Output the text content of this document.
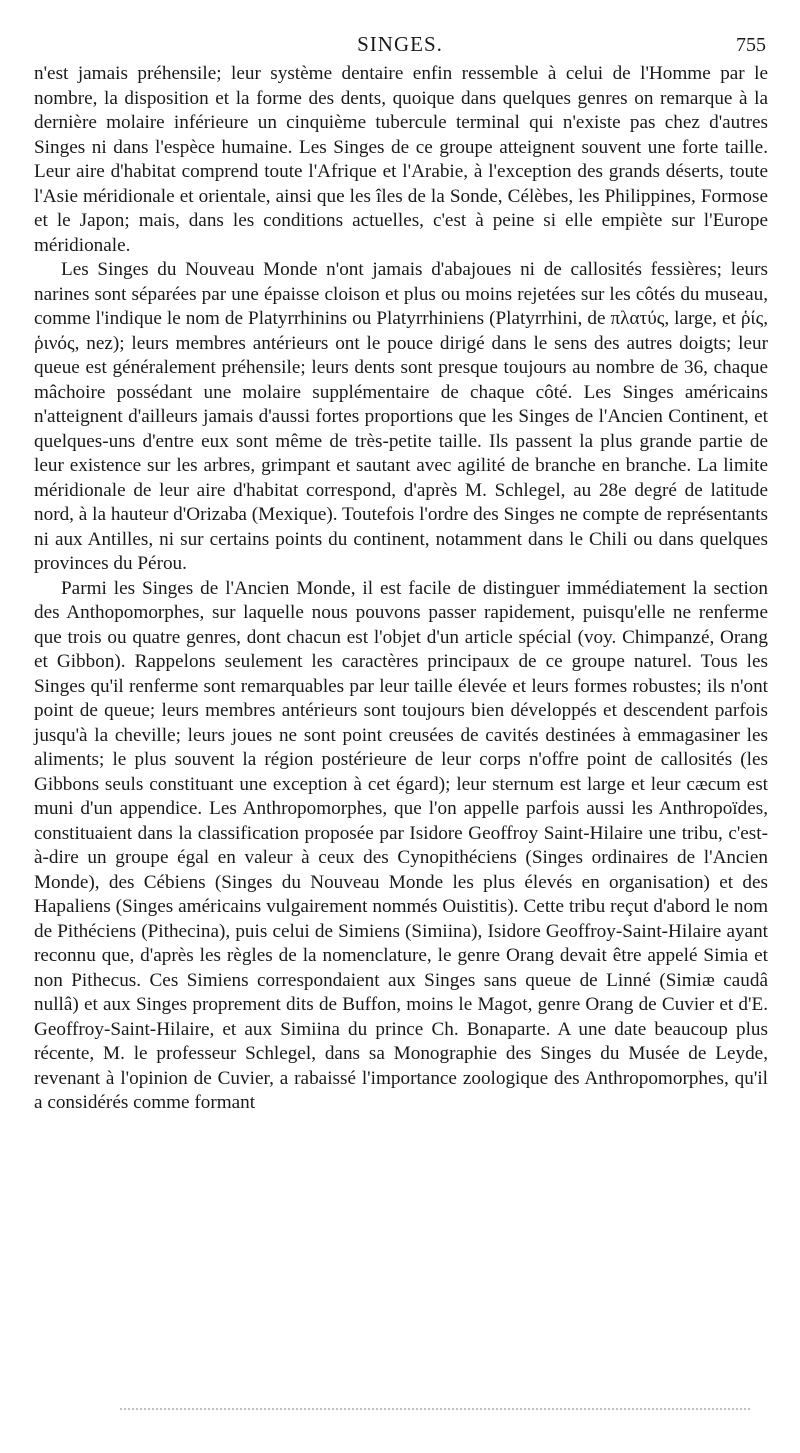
SINGES.	755

n'est jamais préhensile; leur système dentaire enfin ressemble à celui de l'Homme par le nombre, la disposition et la forme des dents, quoique dans quelques genres on remarque à la dernière molaire inférieure un cinquième tubercule terminal qui n'existe pas chez d'autres Singes ni dans l'espèce humaine. Les Singes de ce groupe atteignent souvent une forte taille. Leur aire d'habitat comprend toute l'Afrique et l'Arabie, à l'exception des grands déserts, toute l'Asie méridionale et orientale, ainsi que les îles de la Sonde, Célèbes, les Philippines, Formose et le Japon; mais, dans les conditions actuelles, c'est à peine si elle empiète sur l'Europe méridionale.

Les Singes du Nouveau Monde n'ont jamais d'abajoues ni de callosités fessières; leurs narines sont séparées par une épaisse cloison et plus ou moins rejetées sur les côtés du museau, comme l'indique le nom de Platyrrhinins ou Platyrrhiniens (Platyrrhini, de πλατύς, large, et ῥίς, ῥινός, nez); leurs membres antérieurs ont le pouce dirigé dans le sens des autres doigts; leur queue est généralement préhensile; leurs dents sont presque toujours au nombre de 36, chaque mâchoire possédant une molaire supplémentaire de chaque côté. Les Singes américains n'atteignent d'ailleurs jamais d'aussi fortes proportions que les Singes de l'Ancien Continent, et quelques-uns d'entre eux sont même de très-petite taille. Ils passent la plus grande partie de leur existence sur les arbres, grimpant et sautant avec agilité de branche en branche. La limite méridionale de leur aire d'habitat correspond, d'après M. Schlegel, au 28e degré de latitude nord, à la hauteur d'Orizaba (Mexique). Toutefois l'ordre des Singes ne compte de représentants ni aux Antilles, ni sur certains points du continent, notamment dans le Chili ou dans quelques provinces du Pérou.

Parmi les Singes de l'Ancien Monde, il est facile de distinguer immédiatement la section des Anthopomorphes, sur laquelle nous pouvons passer rapidement, puisqu'elle ne renferme que trois ou quatre genres, dont chacun est l'objet d'un article spécial (voy. Chimpanzé, Orang et Gibbon). Rappelons seulement les caractères principaux de ce groupe naturel. Tous les Singes qu'il renferme sont remarquables par leur taille élevée et leurs formes robustes; ils n'ont point de queue; leurs membres antérieurs sont toujours bien développés et descendent parfois jusqu'à la cheville; leurs joues ne sont point creusées de cavités destinées à emmagasiner les aliments; le plus souvent la région postérieure de leur corps n'offre point de callosités (les Gibbons seuls constituant une exception à cet égard); leur sternum est large et leur cæcum est muni d'un appendice. Les Anthropomorphes, que l'on appelle parfois aussi les Anthropoïdes, constituaient dans la classification proposée par Isidore Geoffroy Saint-Hilaire une tribu, c'est-à-dire un groupe égal en valeur à ceux des Cynopithéciens (Singes ordinaires de l'Ancien Monde), des Cébiens (Singes du Nouveau Monde les plus élevés en organisation) et des Hapaliens (Singes américains vulgairement nommés Ouistitis). Cette tribu reçut d'abord le nom de Pithéciens (Pithecina), puis celui de Simiens (Simiina), Isidore Geoffroy-Saint-Hilaire ayant reconnu que, d'après les règles de la nomenclature, le genre Orang devait être appelé Simia et non Pithecus. Ces Simiens correspondaient aux Singes sans queue de Linné (Simiæ caudâ nullâ) et aux Singes proprement dits de Buffon, moins le Magot, genre Orang de Cuvier et d'E. Geoffroy-Saint-Hilaire, et aux Simiina du prince Ch. Bonaparte. A une date beaucoup plus récente, M. le professeur Schlegel, dans sa Monographie des Singes du Musée de Leyde, revenant à l'opinion de Cuvier, a rabaissé l'importance zoologique des Anthropomorphes, qu'il a considérés comme formant
